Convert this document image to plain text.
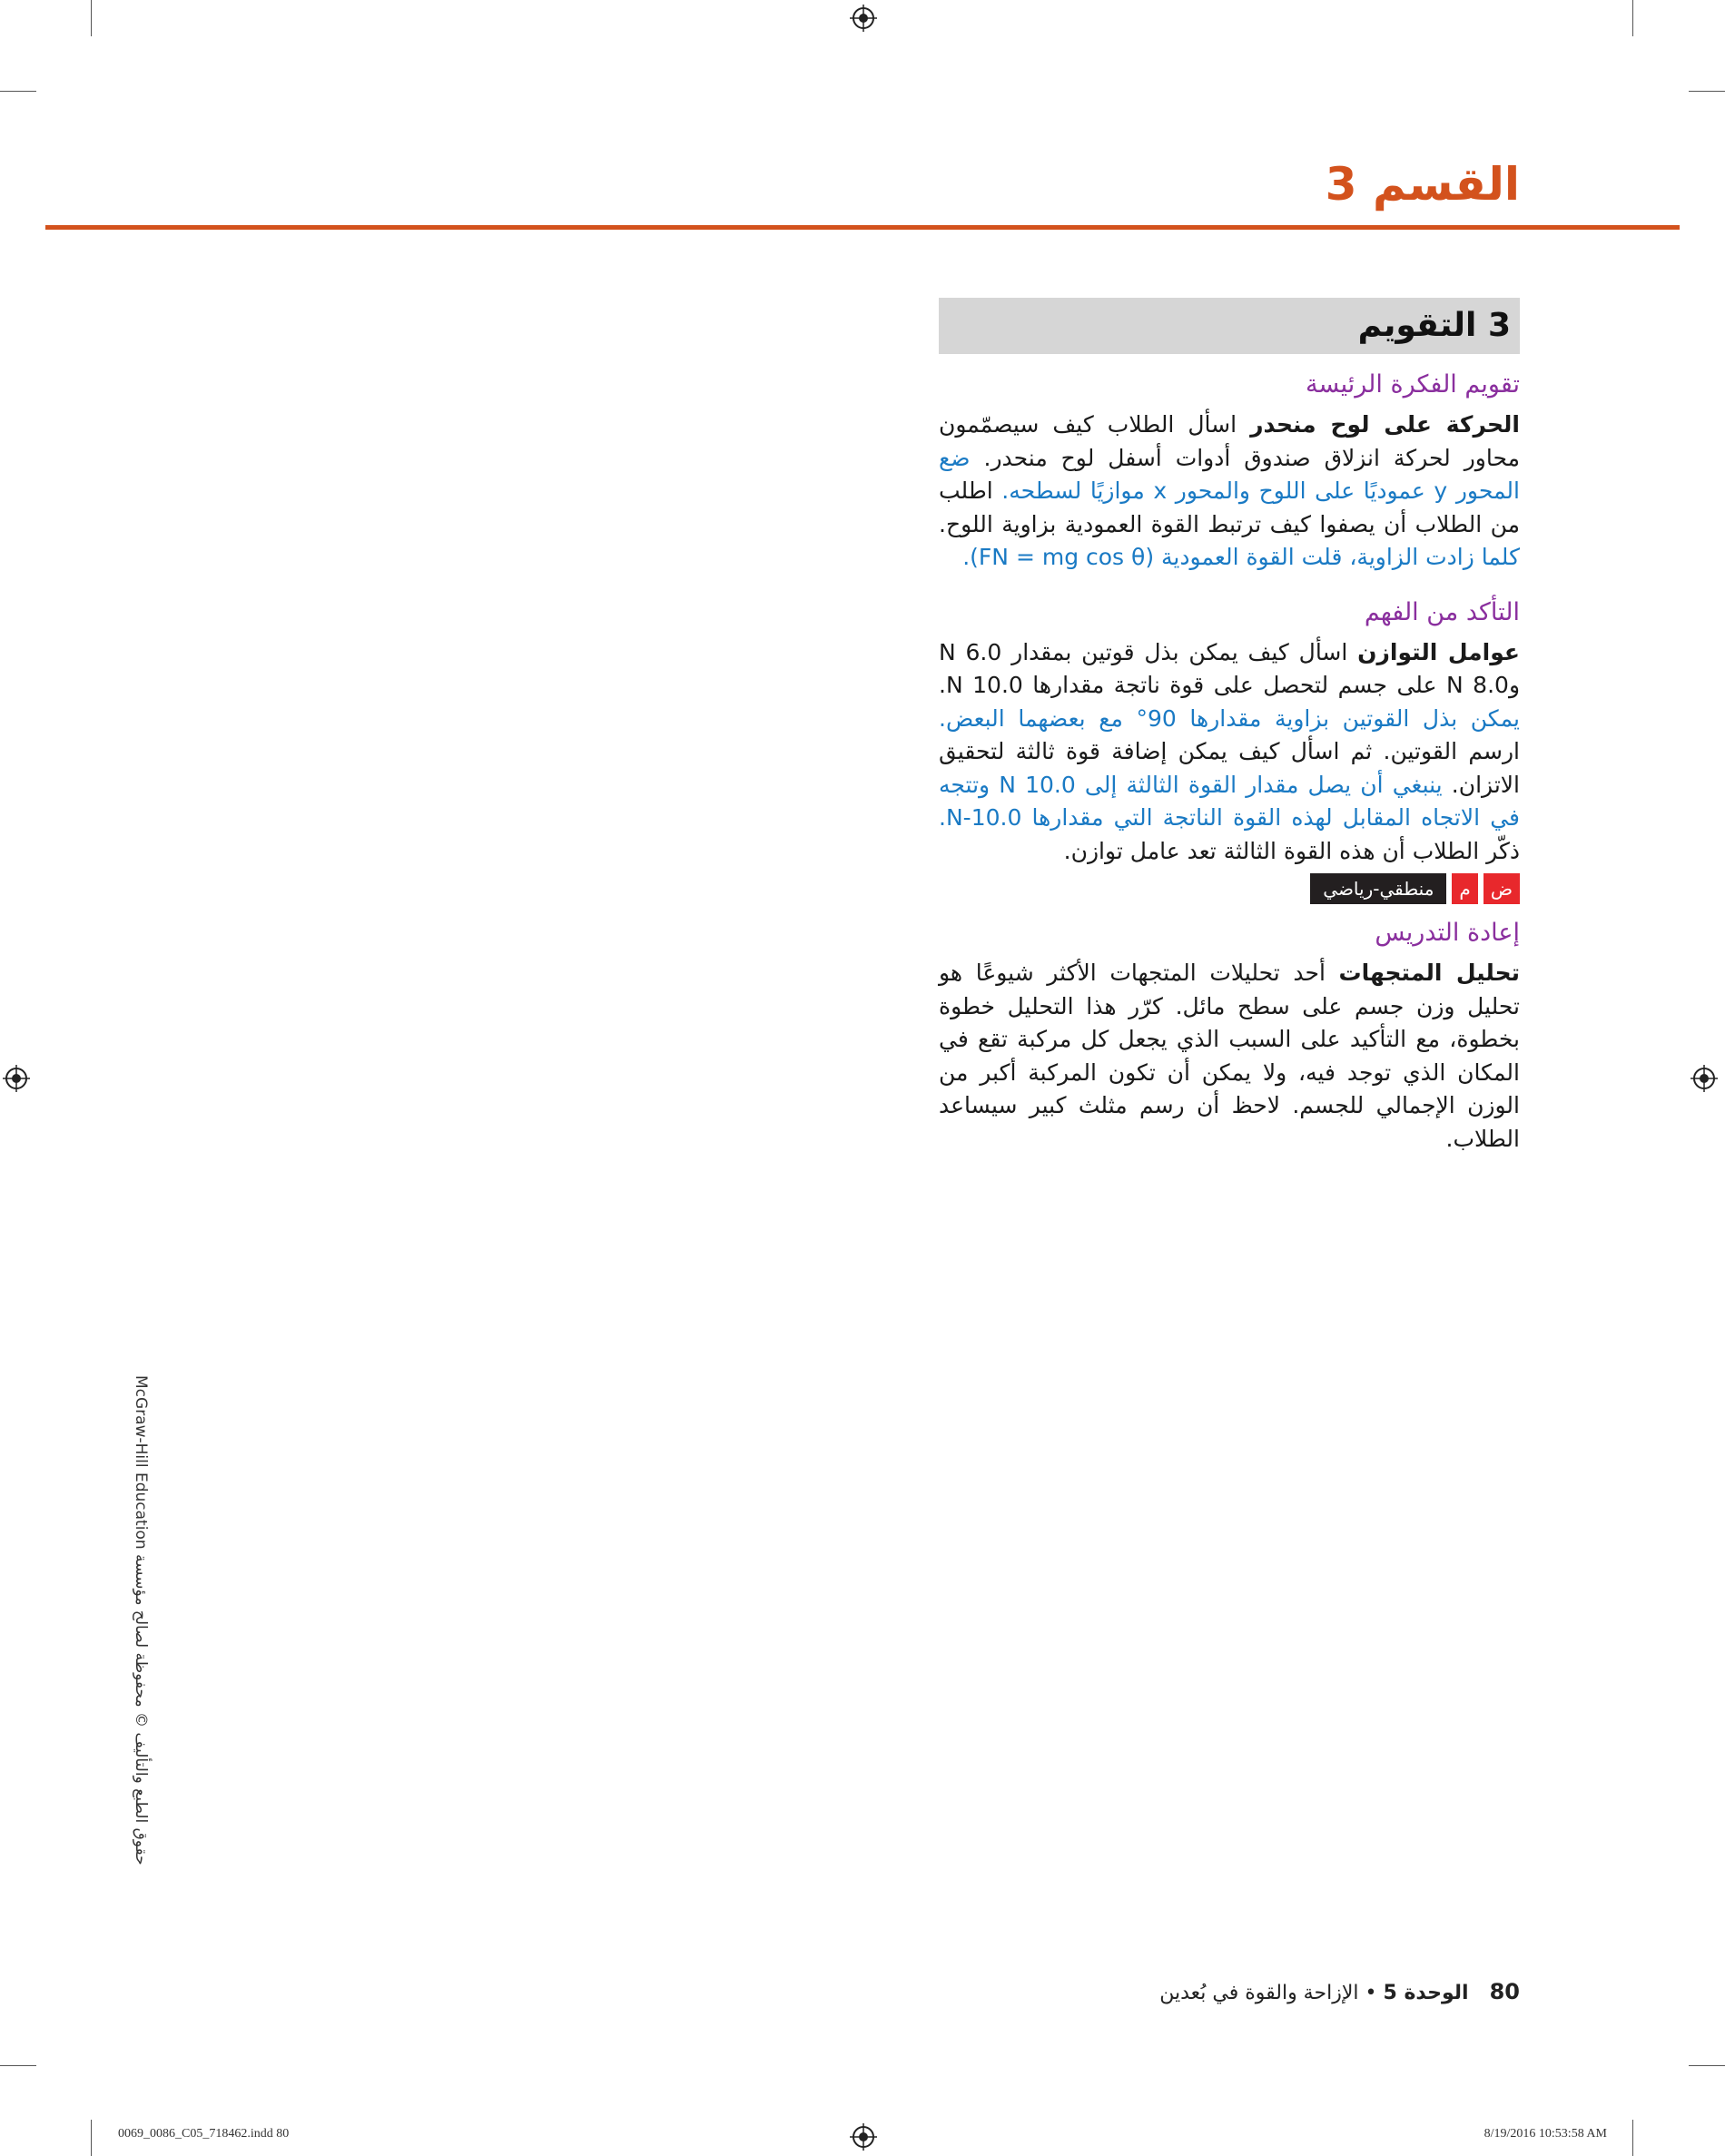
القسم 3
3 التقويم
تقويم الفكرة الرئيسة
الحركة على لوح منحدر اسأل الطلاب كيف سيصمّمون محاور لحركة انزلاق صندوق أدوات أسفل لوح منحدر. ضع المحور y عموديًا على اللوح والمحور x موازيًا لسطحه. اطلب من الطلاب أن يصفوا كيف ترتبط القوة العمودية بزاوية اللوح. كلما زادت الزاوية، قلت القوة العمودية (FN = mg cos θ).
التأكد من الفهم
عوامل التوازن اسأل كيف يمكن بذل قوتين بمقدار 6.0 N و8.0 N على جسم لتحصل على قوة ناتجة مقدارها 10.0 N. يمكن بذل القوتين بزاوية مقدارها 90° مع بعضهما البعض. ارسم القوتين. ثم اسأل كيف يمكن إضافة قوة ثالثة لتحقيق الاتزان. ينبغي أن يصل مقدار القوة الثالثة إلى 10.0 N وتتجه في الاتجاه المقابل لهذه القوة الناتجة التي مقدارها 10.0-N. ذكّر الطلاب أن هذه القوة الثالثة تعد عامل توازن.
ض
م
منطقي-رياضي
إعادة التدريس
تحليل المتجهات أحد تحليلات المتجهات الأكثر شيوعًا هو تحليل وزن جسم على سطح مائل. كرّر هذا التحليل خطوة بخطوة، مع التأكيد على السبب الذي يجعل كل مركبة تقع في المكان الذي توجد فيه، ولا يمكن أن تكون المركبة أكبر من الوزن الإجمالي للجسم. لاحظ أن رسم مثلث كبير سيساعد الطلاب.
McGraw-Hill Education حقوق الطبع والتأليف © محفوظة لصالح مؤسسة
80 الوحدة 5 • الإزاحة والقوة في بُعدين
0069_0086_C05_718462.indd 80	8/19/2016 10:53:58 AM
